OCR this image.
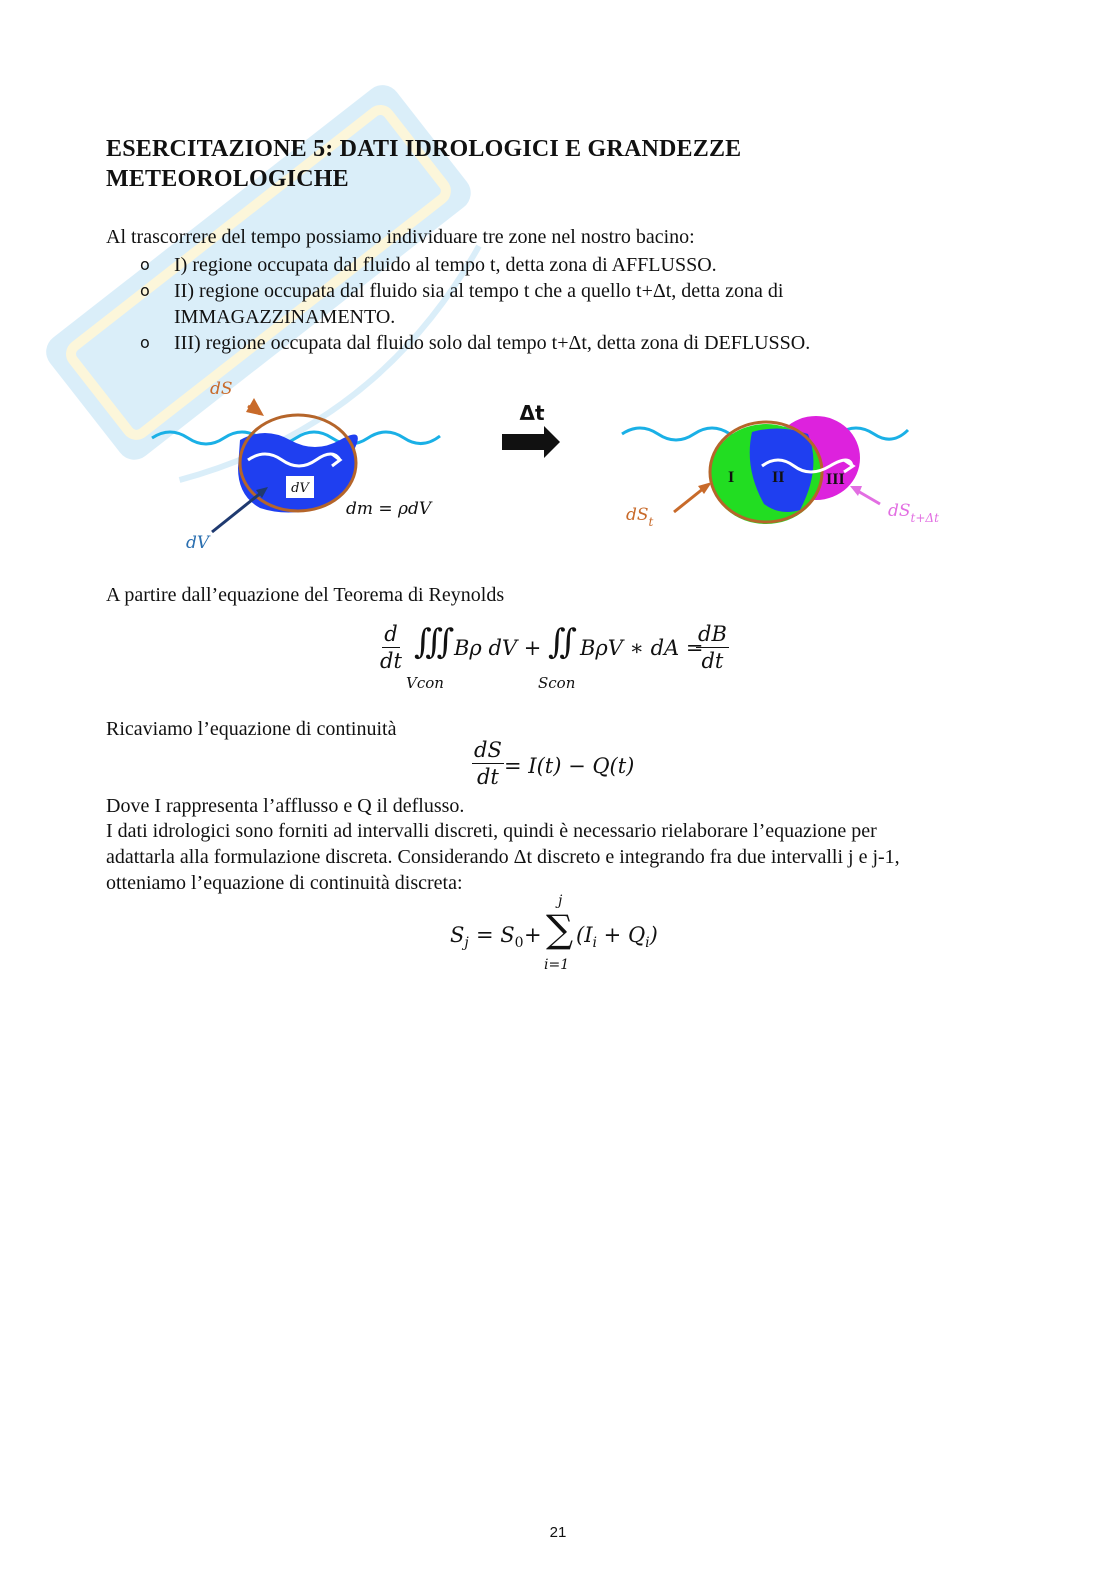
ESERCITAZIONE 5: DATI IDROLOGICI E GRANDEZZE
METEOROLOGICHE
Al trascorrere del tempo possiamo individuare tre zone nel nostro bacino:
o I) regione occupata dal fluido al tempo t, detta zona di AFFLUSSO.
o II) regione occupata dal fluido sia al tempo t che a quello t+Δt, detta zona di IMMAGAZZINAMENTO.
o III) regione occupata dal fluido solo dal tempo t+Δt, detta zona di DEFLUSSO.
dV
dS
dV
dm = ρdV
Δt
I II	III
$dS_t$
$dS_{t+\Delta t}$
A partire dall’equazione del Teorema di Reynolds
$\frac{d}{dt}$ ∭
Vcon
Bρ dV + ∬
Scon
BρV ∗ dA =
$\frac{dB}{dt}$
Ricaviamo l’equazione di continuità
$\frac{dS}{dt} = I(t) - Q(t)$
Dove I rappresenta l’afflusso e Q il deflusso.
I dati idrologici sono forniti ad intervalli discreti, quindi è necessario rielaborare l’equazione per
adattarla alla formulazione discreta. Considerando Δt discreto e integrando fra due intervalli j e j-1,
otteniamo l’equazione di continuità discreta:
$S_j = S_0$ +
j
∑
i=1
$(I_i + Q_i)$
21
